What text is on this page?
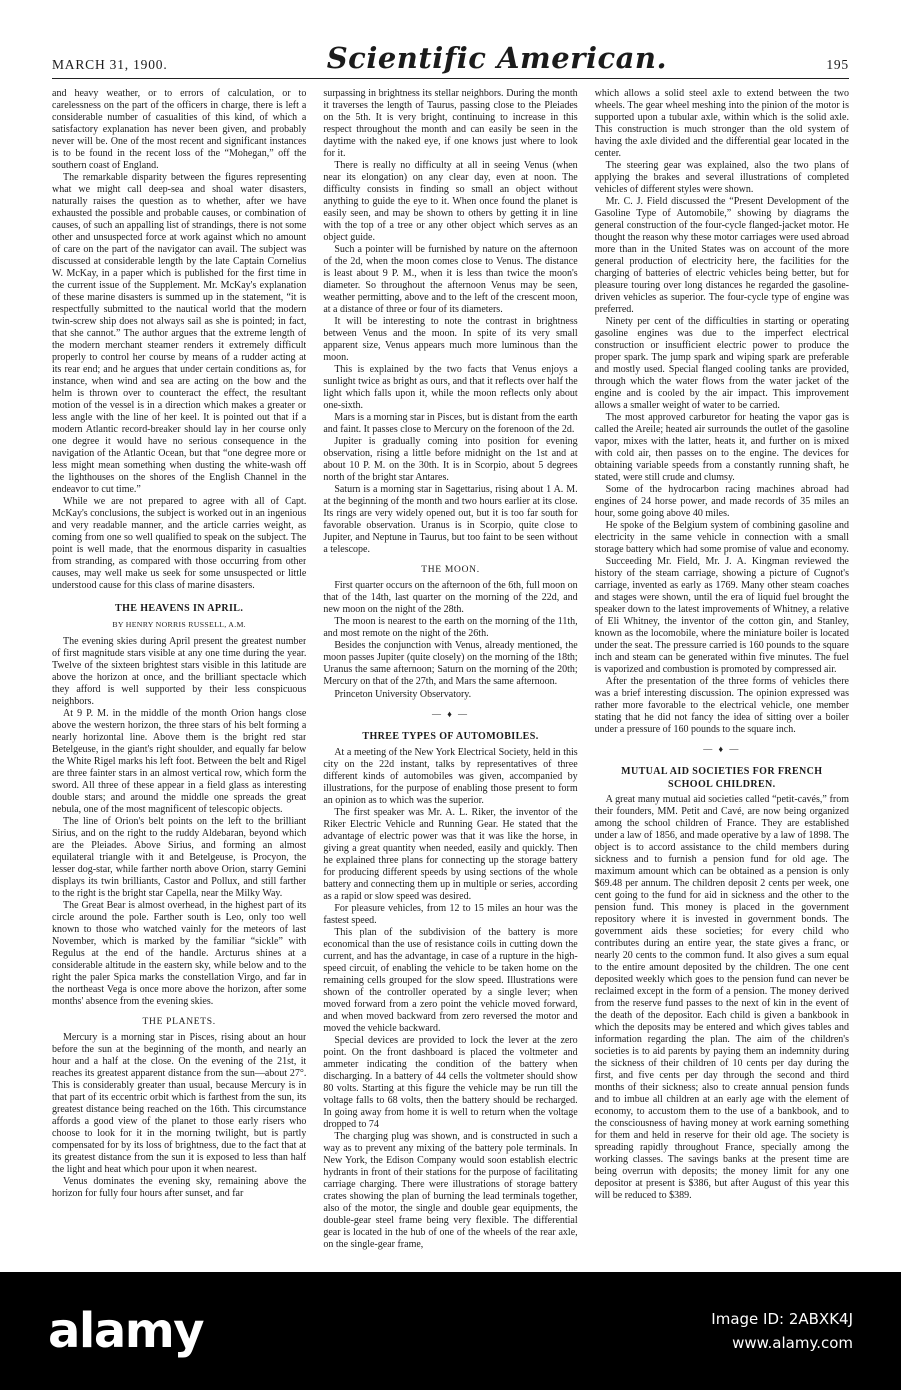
MARCH 31, 1900.	Scientific American.	195

and heavy weather, or to errors of calculation, or to carelessness on the part of the officers in charge, there is left a considerable number of casualities of this kind, of which a satisfactory explanation has never been given, and probably never will be. One of the most recent and significant instances is to be found in the recent loss of the “Mohegan,” off the southern coast of England.

The remarkable disparity between the figures representing what we might call deep-sea and shoal water disasters, naturally raises the question as to whether, after we have exhausted the possible and probable causes, or combination of causes, of such an appalling list of strandings, there is not some other and unsuspected force at work against which no amount of care on the part of the navigator can avail. The subject was discussed at considerable length by the late Captain Cornelius W. McKay, in a paper which is published for the first time in the current issue of the Supplement. Mr. McKay's explanation of these marine disasters is summed up in the statement, “it is respectfully submitted to the nautical world that the modern twin-screw ship does not always sail as she is pointed; in fact, that she cannot.” The author argues that the extreme length of the modern merchant steamer renders it extremely difficult properly to control her course by means of a rudder acting at its rear end; and he argues that under certain conditions as, for instance, when wind and sea are acting on the bow and the helm is thrown over to counteract the effect, the resultant motion of the vessel is in a direction which makes a greater or less angle with the line of her keel. It is pointed out that if a modern Atlantic record-breaker should lay in her course only one degree it would have no serious consequence in the navigation of the Atlantic Ocean, but that “one degree more or less might mean something when dusting the white-wash off the lighthouses on the shores of the English Channel in the endeavor to cut time.”

While we are not prepared to agree with all of Capt. McKay's conclusions, the subject is worked out in an ingenious and very readable manner, and the article carries weight, as coming from one so well qualified to speak on the subject. The point is well made, that the enormous disparity in casualties from stranding, as compared with those occurring from other causes, may well make us seek for some unsuspected or little understood cause for this class of marine disasters.

THE HEAVENS IN APRIL.

BY HENRY NORRIS RUSSELL, A.M.

The evening skies during April present the greatest number of first magnitude stars visible at any one time during the year. Twelve of the sixteen brightest stars visible in this latitude are above the horizon at once, and the brilliant spectacle which they afford is well supported by their less conspicuous neighbors.

At 9 P. M. in the middle of the month Orion hangs close above the western horizon, the three stars of his belt forming a nearly horizontal line. Above them is the bright red star Betelgeuse, in the giant's right shoulder, and equally far below the White Rigel marks his left foot. Between the belt and Rigel are three fainter stars in an almost vertical row, which form the sword. All three of these appear in a field glass as interesting double stars; and around the middle one spreads the great nebula, one of the most magnificent of telescopic objects.

The line of Orion's belt points on the left to the brilliant Sirius, and on the right to the ruddy Aldebaran, beyond which are the Pleiades. Above Sirius, and forming an almost equilateral triangle with it and Betelgeuse, is Procyon, the lesser dog-star, while farther north above Orion, starry Gemini displays its twin brilliants, Castor and Pollux, and still farther to the right is the bright star Capella, near the Milky Way.

The Great Bear is almost overhead, in the highest part of its circle around the pole. Farther south is Leo, only too well known to those who watched vainly for the meteors of last November, which is marked by the familiar “sickle” with Regulus at the end of the handle. Arcturus shines at a considerable altitude in the eastern sky, while below and to the right the paler Spica marks the constellation Virgo, and far in the northeast Vega is once more above the horizon, after some months' absence from the evening skies.

THE PLANETS.

Mercury is a morning star in Pisces, rising about an hour before the sun at the beginning of the month, and nearly an hour and a half at the close. On the evening of the 21st, it reaches its greatest apparent distance from the sun—about 27°. This is considerably greater than usual, because Mercury is in that part of its eccentric orbit which is farthest from the sun, its greatest distance being reached on the 16th. This circumstance affords a good view of the planet to those early risers who choose to look for it in the morning twilight, but is partly compensated for by its loss of brightness, due to the fact that at its greatest distance from the sun it is exposed to less than half the light and heat which pour upon it when nearest.

Venus dominates the evening sky, remaining above the horizon for fully four hours after sunset, and far

surpassing in brightness its stellar neighbors. During the month it traverses the length of Taurus, passing close to the Pleiades on the 5th. It is very bright, continuing to increase in this respect throughout the month and can easily be seen in the daytime with the naked eye, if one knows just where to look for it.

There is really no difficulty at all in seeing Venus (when near its elongation) on any clear day, even at noon. The difficulty consists in finding so small an object without anything to guide the eye to it. When once found the planet is easily seen, and may be shown to others by getting it in line with the top of a tree or any other object which serves as an object guide.

Such a pointer will be furnished by nature on the afternoon of the 2d, when the moon comes close to Venus. The distance is least about 9 P. M., when it is less than twice the moon's diameter. So throughout the afternoon Venus may be seen, weather permitting, above and to the left of the crescent moon, at a distance of three or four of its diameters.

It will be interesting to note the contrast in brightness between Venus and the moon. In spite of its very small apparent size, Venus appears much more luminous than the moon.

This is explained by the two facts that Venus enjoys a sunlight twice as bright as ours, and that it reflects over half the light which falls upon it, while the moon reflects only about one-sixth.

Mars is a morning star in Pisces, but is distant from the earth and faint. It passes close to Mercury on the forenoon of the 2d.

Jupiter is gradually coming into position for evening observation, rising a little before midnight on the 1st and at about 10 P. M. on the 30th. It is in Scorpio, about 5 degrees north of the bright star Antares.

Saturn is a morning star in Sagettarius, rising about 1 A. M. at the beginning of the month and two hours earlier at its close. Its rings are very widely opened out, but it is too far south for favorable observation. Uranus is in Scorpio, quite close to Jupiter, and Neptune in Taurus, but too faint to be seen without a telescope.

THE MOON.

First quarter occurs on the afternoon of the 6th, full moon on that of the 14th, last quarter on the morning of the 22d, and new moon on the night of the 28th.

The moon is nearest to the earth on the morning of the 11th, and most remote on the night of the 26th.

Besides the conjunction with Venus, already mentioned, the moon passes Jupiter (quite closely) on the morning of the 18th; Uranus the same afternoon; Saturn on the morning of the 20th; Mercury on that of the 27th, and Mars the same afternoon.

Princeton University Observatory.

— ♦ —

THREE TYPES OF AUTOMOBILES.

At a meeting of the New York Electrical Society, held in this city on the 22d instant, talks by representatives of three different kinds of automobiles was given, accompanied by illustrations, for the purpose of enabling those present to form an opinion as to which was the superior.

The first speaker was Mr. A. L. Riker, the inventor of the Riker Electric Vehicle and Running Gear. He stated that the advantage of electric power was that it was like the horse, in giving a great quantity when needed, easily and quickly. Then he explained three plans for connecting up the storage battery for producing different speeds by using sections of the whole battery and connecting them up in multiple or series, according as a rapid or slow speed was desired.

For pleasure vehicles, from 12 to 15 miles an hour was the fastest speed.

This plan of the subdivision of the battery is more economical than the use of resistance coils in cutting down the current, and has the advantage, in case of a rupture in the high-speed circuit, of enabling the vehicle to be taken home on the remaining cells grouped for the slow speed. Illustrations were shown of the controller operated by a single lever; when moved forward from a zero point the vehicle moved forward, and when moved backward from zero reversed the motor and moved the vehicle backward.

Special devices are provided to lock the lever at the zero point. On the front dashboard is placed the voltmeter and ammeter indicating the condition of the battery when discharging. In a battery of 44 cells the voltmeter should show 80 volts. Starting at this figure the vehicle may be run till the voltage falls to 68 volts, then the battery should be recharged. In going away from home it is well to return when the voltage dropped to 74

The charging plug was shown, and is constructed in such a way as to prevent any mixing of the battery pole terminals. In New York, the Edison Company would soon establish electric hydrants in front of their stations for the purpose of facilitating carriage charging. There were illustrations of storage battery crates showing the plan of burning the lead terminals together, also of the motor, the single and double gear equipments, the double-gear steel frame being very flexible. The differential gear is located in the hub of one of the wheels of the rear axle, on the single-gear frame,

which allows a solid steel axle to extend between the two wheels. The gear wheel meshing into the pinion of the motor is supported upon a tubular axle, within which is the solid axle. This construction is much stronger than the old system of having the axle divided and the differential gear located in the center.

The steering gear was explained, also the two plans of applying the brakes and several illustrations of completed vehicles of different styles were shown.

Mr. C. J. Field discussed the “Present Development of the Gasoline Type of Automobile,” showing by diagrams the general construction of the four-cycle flanged-jacket motor. He thought the reason why these motor carriages were used abroad more than in the United States was on account of the more general production of electricity here, the facilities for the charging of batteries of electric vehicles being better, but for pleasure touring over long distances he regarded the gasoline-driven vehicles as superior. The four-cycle type of engine was preferred.

Ninety per cent of the difficulties in starting or operating gasoline engines was due to the imperfect electrical construction or insufficient electric power to produce the proper spark. The jump spark and wiping spark are preferable and mostly used. Special flanged cooling tanks are provided, through which the water flows from the water jacket of the engine and is cooled by the air impact. This improvement allows a smaller weight of water to be carried.

The most approved carburetor for heating the vapor gas is called the Areile; heated air surrounds the outlet of the gasoline vapor, mixes with the latter, heats it, and further on is mixed with cold air, then passes on to the engine. The devices for obtaining variable speeds from a constantly running shaft, he stated, were still crude and clumsy.

Some of the hydrocarbon racing machines abroad had engines of 24 horse power, and made records of 35 miles an hour, some going above 40 miles.

He spoke of the Belgium system of combining gasoline and electricity in the same vehicle in connection with a small storage battery which had some promise of value and economy.

Succeeding Mr. Field, Mr. J. A. Kingman reviewed the history of the steam carriage, showing a picture of Cugnot's carriage, invented as early as 1769. Many other steam coaches and stages were shown, until the era of liquid fuel brought the speaker down to the latest improvements of Whitney, a relative of Eli Whitney, the inventor of the cotton gin, and Stanley, known as the locomobile, where the miniature boiler is located under the seat. The pressure carried is 160 pounds to the square inch and steam can be generated within five minutes. The fuel is vaporized and combustion is promoted by compressed air.

After the presentation of the three forms of vehicles there was a brief interesting discussion. The opinion expressed was rather more favorable to the electrical vehicle, one member stating that he did not fancy the idea of sitting over a boiler under a pressure of 160 pounds to the square inch.

— ♦ —

MUTUAL AID SOCIETIES FOR FRENCH SCHOOL CHILDREN.

A great many mutual aid societies called “petit-cavés,” from their founders, MM. Petit and Cavé, are now being organized among the school children of France. They are established under a law of 1856, and made operative by a law of 1898. The object is to accord assistance to the child members during sickness and to furnish a pension fund for old age. The maximum amount which can be obtained as a pension is only $69.48 per annum. The children deposit 2 cents per week, one cent going to the fund for aid in sickness and the other to the pension fund. This money is placed in the government repository where it is invested in government bonds. The government aids these societies; for every child who contributes during an entire year, the state gives a franc, or nearly 20 cents to the common fund. It also gives a sum equal to the entire amount deposited by the children. The one cent deposited weekly which goes to the pension fund can never be reclaimed except in the form of a pension. The money derived from the reserve fund passes to the next of kin in the event of the death of the depositor. Each child is given a bankbook in which the deposits may be entered and which gives tables and information regarding the plan. The aim of the children's societies is to aid parents by paying them an indemnity during the sickness of their children of 10 cents per day during the first, and five cents per day through the second and third months of their sickness; also to create annual pension funds and to imbue all children at an early age with the element of economy, to accustom them to the use of a bankbook, and to the consciousness of having money at work earning something for them and held in reserve for their old age. The society is spreading rapidly throughout France, specially among the working classes. The savings banks at the present time are being overrun with deposits; the money limit for any one depositor at present is $386, but after August of this year this will be reduced to $389.

alamy	Image ID: 2ABXK4J
www.alamy.com
